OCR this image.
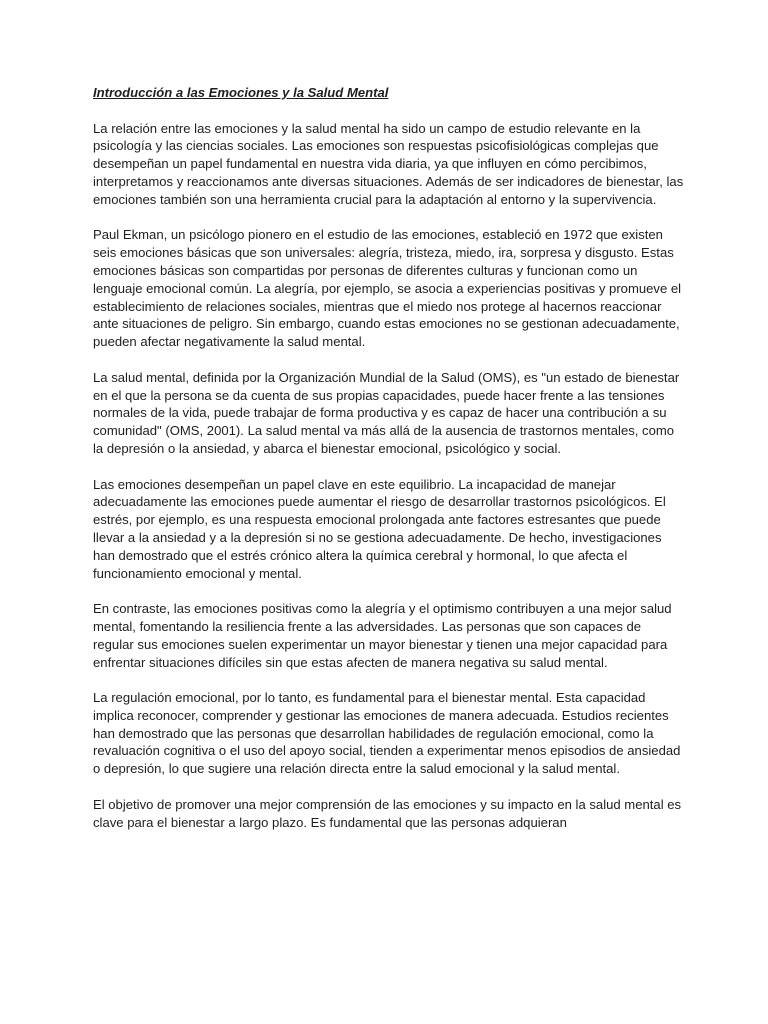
Introducción a las Emociones y la Salud Mental

La relación entre las emociones y la salud mental ha sido un campo de estudio relevante en la psicología y las ciencias sociales. Las emociones son respuestas psicofisiológicas complejas que desempeñan un papel fundamental en nuestra vida diaria, ya que influyen en cómo percibimos, interpretamos y reaccionamos ante diversas situaciones. Además de ser indicadores de bienestar, las emociones también son una herramienta crucial para la adaptación al entorno y la supervivencia.

Paul Ekman, un psicólogo pionero en el estudio de las emociones, estableció en 1972 que existen seis emociones básicas que son universales: alegría, tristeza, miedo, ira, sorpresa y disgusto. Estas emociones básicas son compartidas por personas de diferentes culturas y funcionan como un lenguaje emocional común. La alegría, por ejemplo, se asocia a experiencias positivas y promueve el establecimiento de relaciones sociales, mientras que el miedo nos protege al hacernos reaccionar ante situaciones de peligro. Sin embargo, cuando estas emociones no se gestionan adecuadamente, pueden afectar negativamente la salud mental.

La salud mental, definida por la Organización Mundial de la Salud (OMS), es "un estado de bienestar en el que la persona se da cuenta de sus propias capacidades, puede hacer frente a las tensiones normales de la vida, puede trabajar de forma productiva y es capaz de hacer una contribución a su comunidad" (OMS, 2001). La salud mental va más allá de la ausencia de trastornos mentales, como la depresión o la ansiedad, y abarca el bienestar emocional, psicológico y social.

Las emociones desempeñan un papel clave en este equilibrio. La incapacidad de manejar adecuadamente las emociones puede aumentar el riesgo de desarrollar trastornos psicológicos. El estrés, por ejemplo, es una respuesta emocional prolongada ante factores estresantes que puede llevar a la ansiedad y a la depresión si no se gestiona adecuadamente. De hecho, investigaciones han demostrado que el estrés crónico altera la química cerebral y hormonal, lo que afecta el funcionamiento emocional y mental.

En contraste, las emociones positivas como la alegría y el optimismo contribuyen a una mejor salud mental, fomentando la resiliencia frente a las adversidades. Las personas que son capaces de regular sus emociones suelen experimentar un mayor bienestar y tienen una mejor capacidad para enfrentar situaciones difíciles sin que estas afecten de manera negativa su salud mental.

La regulación emocional, por lo tanto, es fundamental para el bienestar mental. Esta capacidad implica reconocer, comprender y gestionar las emociones de manera adecuada. Estudios recientes han demostrado que las personas que desarrollan habilidades de regulación emocional, como la revaluación cognitiva o el uso del apoyo social, tienden a experimentar menos episodios de ansiedad o depresión, lo que sugiere una relación directa entre la salud emocional y la salud mental.

El objetivo de promover una mejor comprensión de las emociones y su impacto en la salud mental es clave para el bienestar a largo plazo. Es fundamental que las personas adquieran
